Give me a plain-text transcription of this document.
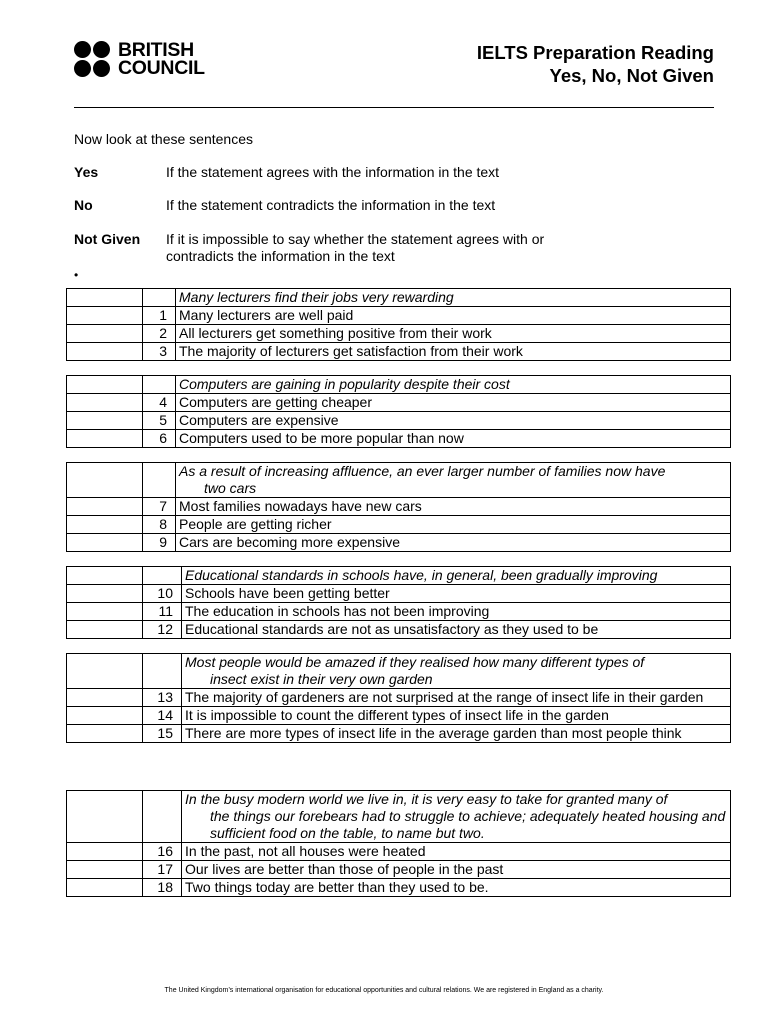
BRITISH
COUNCIL
IELTS Preparation Reading
Yes, No, Not Given
Now look at these sentences
Yes	If the statement agrees with the information in the text
No	If the statement contradicts the information in the text
Not Given	If it is impossible to say whether the statement agrees with or contradicts the information in the text
•
		Many lecturers find their jobs very rewarding
	1	Many lecturers are well paid
	2	All lecturers get something positive from their work
	3	The majority of lecturers get satisfaction from their work
		Computers are gaining in popularity despite their cost
	4	Computers are getting cheaper
	5	Computers are expensive
	6	Computers used to be more popular than now
		As a result of increasing affluence, an ever larger number of families now have
two cars

	7	Most families nowadays have new cars
	8	People are getting richer
	9	Cars are becoming more expensive
		Educational standards in schools have, in general, been gradually improving
	10	Schools have been getting better
	11	The education in schools has not been improving
	12	Educational standards are not as unsatisfactory as they used to be
		Most people would be amazed if they realised how many different types of
insect exist in their very own garden

	13	The majority of gardeners are not surprised at the range of insect life in their garden
	14	It is impossible to count the different types of insect life in the garden
	15	There are more types of insect life in the average garden than most people think
		In the busy modern world we live in, it is very easy to take for granted many of
the things our forebears had to struggle to achieve; adequately heated housing and sufficient food on the table, to name but two.

	16	In the past, not all houses were heated
	17	Our lives are better than those of people in the past
	18	Two things today are better than they used to be.
The United Kingdom’s international organisation for educational opportunities and cultural relations. We are registered in England as a charity.
